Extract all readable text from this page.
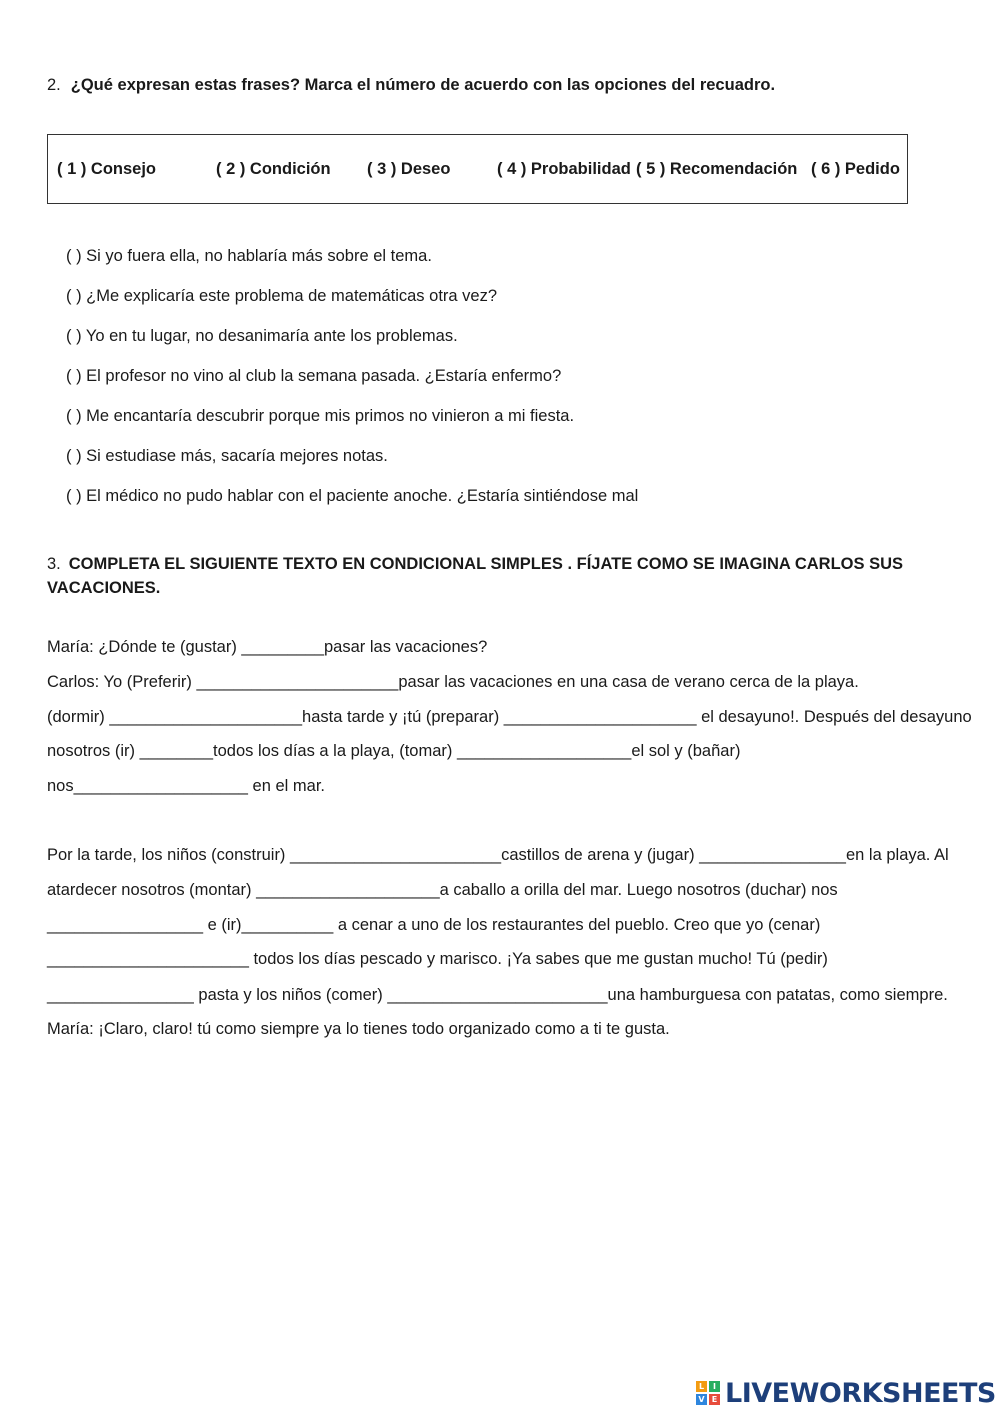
2. ¿Qué expresan estas frases? Marca el número de acuerdo con las opciones del recuadro.
( 1 ) Consejo	( 2 ) Condición ( 3 ) Deseo	( 4 ) Probabilidad ( 5 ) Recomendación ( 6 ) Pedido
( ) Si yo fuera ella, no hablaría más sobre el tema.
( ) ¿Me explicaría este problema de matemáticas otra vez?
( ) Yo en tu lugar, no desanimaría ante los problemas.
( ) El profesor no vino al club la semana pasada. ¿Estaría enfermo?
( ) Me encantaría descubrir porque mis primos no vinieron a mi fiesta.
( ) Si estudiase más, sacaría mejores notas.
( ) El médico no pudo hablar con el paciente anoche. ¿Estaría sintiéndose mal
3. COMPLETA EL SIGUIENTE TEXTO EN CONDICIONAL SIMPLES . FÍJATE COMO SE IMAGINA CARLOS SUS VACACIONES.
María: ¿Dónde te (gustar) _________pasar las vacaciones?
Carlos: Yo (Preferir) ______________________pasar las vacaciones en una casa de verano cerca de la playa.
(dormir) _____________________hasta tarde y ¡tú (preparar) _____________________ el desayuno!. Después del desayuno
nosotros (ir) ________todos los días a la playa, (tomar) ___________________el sol y (bañar)
nos___________________ en el mar.
Por la tarde, los niños (construir) _______________________castillos de arena y (jugar) ________________en la playa. Al
atardecer nosotros (montar) ____________________a caballo a orilla del mar. Luego nosotros (duchar) nos
_________________ e (ir)__________ a cenar a uno de los restaurantes del pueblo. Creo que yo (cenar)
______________________ todos los días pescado y marisco. ¡Ya sabes que me gustan mucho! Tú (pedir)
________________ pasta y los niños (comer) ________________________una hamburguesa con patatas, como siempre.
María: ¡Claro, claro! tú como siempre ya lo tienes todo organizado como a ti te gusta.
L	I
V E LIVEWORKSHEETS
